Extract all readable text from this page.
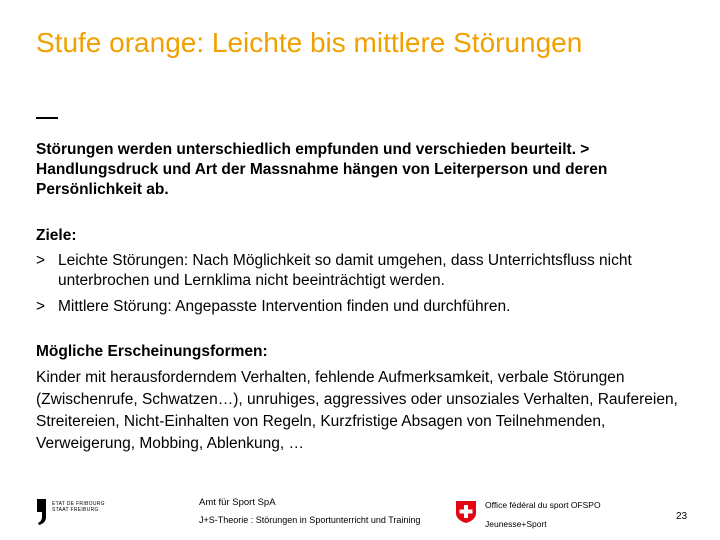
Stufe orange: Leichte bis mittlere Störungen

Störungen werden unterschiedlich empfunden und verschieden beurteilt. > Handlungsdruck und Art der Massnahme hängen von Leiterperson und deren Persönlichkeit ab.

Ziele:

> Leichte Störungen: Nach Möglichkeit so damit umgehen, dass Unterrichtsfluss nicht unterbrochen und Lernklima nicht beeinträchtigt werden.
> Mittlere Störung: Angepasste Intervention finden und durchführen.

Mögliche Erscheinungsformen:

Kinder mit herausforderndem Verhalten, fehlende Aufmerksamkeit, verbale Störungen (Zwischenrufe, Schwatzen…), unruhiges, aggressives oder unsoziales Verhalten, Raufereien, Streitereien, Nicht-Einhalten von Regeln, Kurzfristige Absagen von Teilnehmenden, Verweigerung, Mobbing, Ablenkung, …

ETAT DE FRIBOURG
STAAT FREIBURG
Amt für Sport SpA
J+S-Theorie : Störungen in Sportunterricht und Training
Office fédéral du sport OFSPO
Jeunesse+Sport
23
